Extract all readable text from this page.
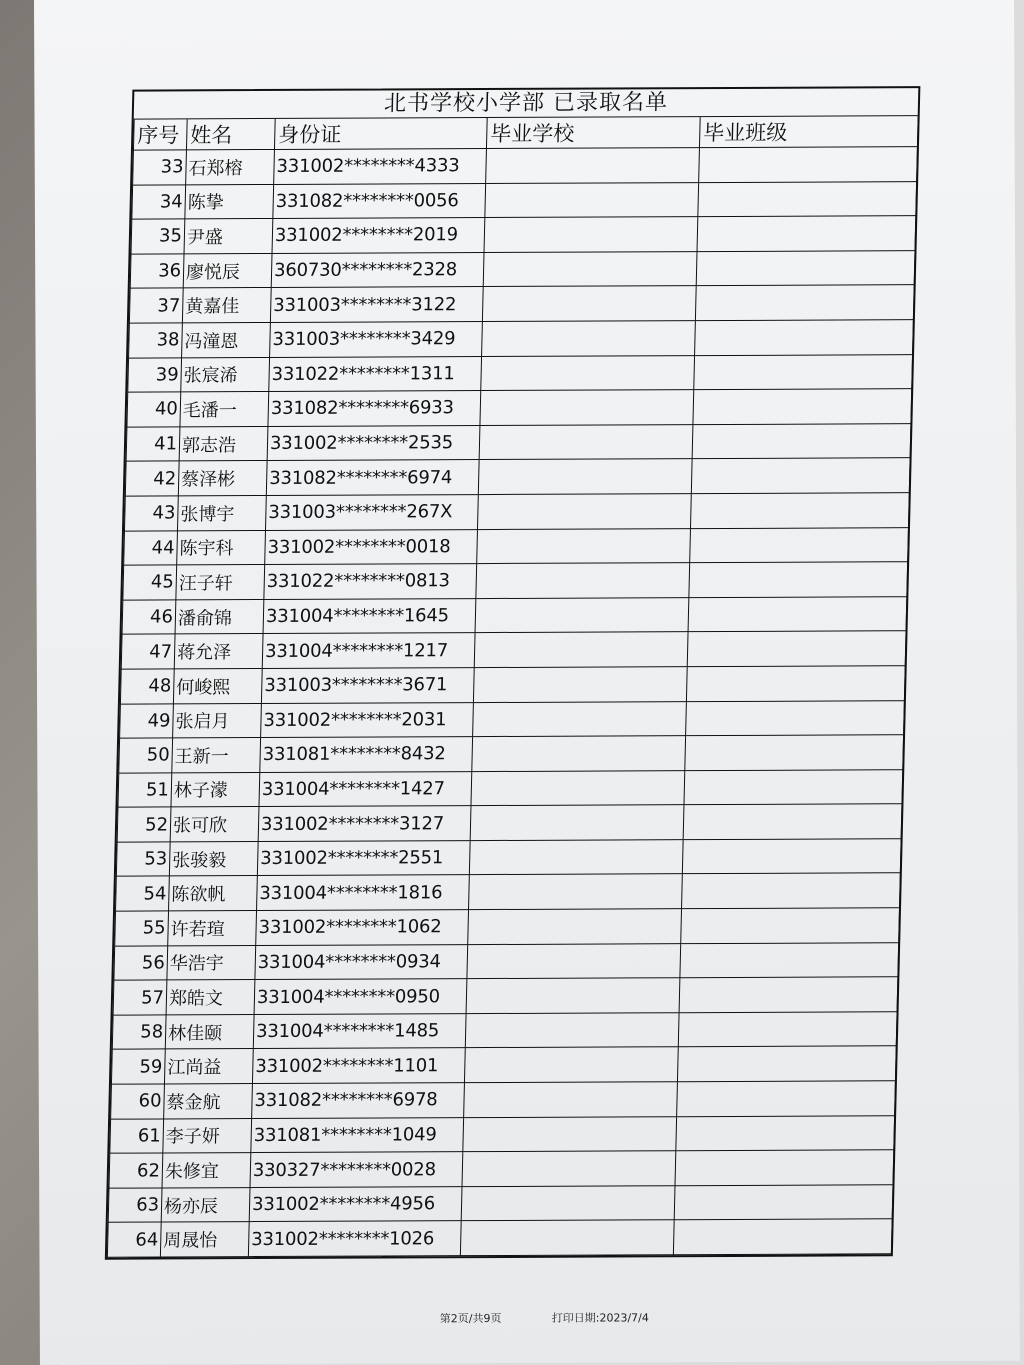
北书学校小学部 已录取名单
序号	姓名	身份证	毕业学校	毕业班级
33	石郑榕	331002********4333		
34	陈挚	331082********0056		
35	尹盛	331002********2019		
36	廖悦辰	360730********2328		
37	黄嘉佳	331003********3122		
38	冯潼恩	331003********3429		
39	张宸浠	331022********1311		
40	毛潘一	331082********6933		
41	郭志浩	331002********2535		
42	蔡泽彬	331082********6974		
43	张博宇	331003********267X		
44	陈宇科	331002********0018		
45	汪子轩	331022********0813		
46	潘俞锦	331004********1645		
47	蒋允泽	331004********1217		
48	何峻熙	331003********3671		
49	张启月	331002********2031		
50	王新一	331081********8432		
51	林子濛	331004********1427		
52	张可欣	331002********3127		
53	张骏毅	331002********2551		
54	陈欲帆	331004********1816		
55	许若瑄	331002********1062		
56	华浩宇	331004********0934		
57	郑皓文	331004********0950		
58	林佳颐	331004********1485		
59	江尚益	331002********1101		
60	蔡金航	331082********6978		
61	李子妍	331081********1049		
62	朱修宜	330327********0028		
63	杨亦辰	331002********4956		
64	周晟怡	331002********1026		
第2页/共9页	打印日期:2023/7/4
